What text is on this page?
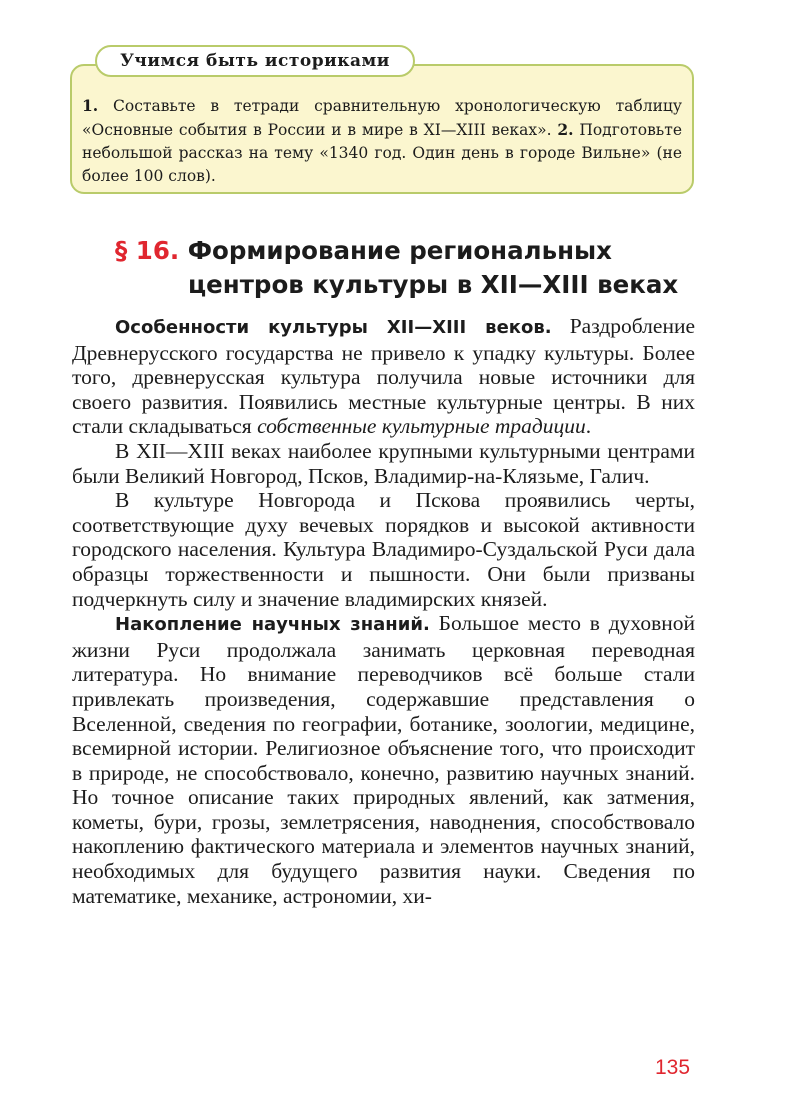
Учимся быть историками
1. Составьте в тетради сравнительную хронологическую таблицу «Основные события в России и в мире в XI—XIII веках». 2. Подготовьте небольшой рассказ на тему «1340 год. Один день в городе Вильне» (не более 100 слов).
§ 16. Формирование региональных
центров культуры в XII—XIII веках

Особенности культуры XII—XIII веков. Раздробление Древнерусского государства не привело к упадку культуры. Более того, древнерусская культура получила новые источники для своего развития. Появились местные культурные центры. В них стали складываться собственные культурные традиции.

В XII—XIII веках наиболее крупными культурными центрами были Великий Новгород, Псков, Владимир-на-Клязьме, Галич.

В культуре Новгорода и Пскова проявились черты, соответствующие духу вечевых порядков и высокой активности городского населения. Культура Владимиро-Суздальской Руси дала образцы торжественности и пышности. Они были призваны подчеркнуть силу и значение владимирских князей.

Накопление научных знаний. Большое место в духовной жизни Руси продолжала занимать церковная переводная литература. Но внимание переводчиков всё больше стали привлекать произведения, содержавшие представления о Вселенной, сведения по географии, ботанике, зоологии, медицине, всемирной истории. Религиозное объяснение того, что происходит в природе, не способствовало, конечно, развитию научных знаний. Но точное описание таких природных явлений, как затмения, кометы, бури, грозы, землетрясения, наводнения, способствовало накоплению фактического материала и элементов научных знаний, необходимых для будущего развития науки. Сведения по математике, механике, астрономии, хи-

135
